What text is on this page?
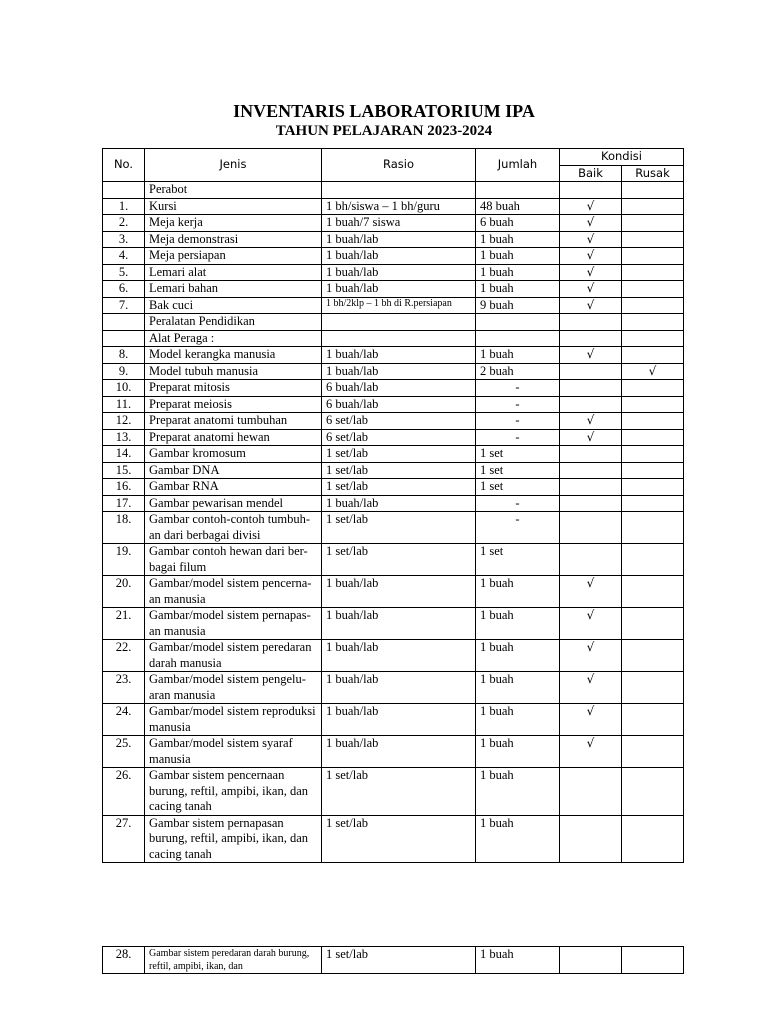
INVENTARIS LABORATORIUM IPA
TAHUN PELAJARAN 2023-2024
No.	Jenis	Rasio	Jumlah	Kondisi	
				Baik	Rusak
	Perabot				
1.	Kursi	1 bh/siswa – 1 bh/guru	48 buah	√	
2.	Meja kerja	1 buah/7 siswa	6 buah	√	
3.	Meja demonstrasi	1 buah/lab	1 buah	√	
4.	Meja persiapan	1 buah/lab	1 buah	√	
5.	Lemari alat	1 buah/lab	1 buah	√	
6.	Lemari bahan	1 buah/lab	1 buah	√	
7.	Bak cuci	1 bh/2klp – 1 bh di R.persiapan	9 buah	√	
	Peralatan Pendidikan				
	Alat Peraga :				
8.	Model kerangka manusia	1 buah/lab	1 buah	√	
9.	Model tubuh manusia	1 buah/lab	2 buah		√
10.	Preparat mitosis	6 buah/lab	-		
11.	Preparat meiosis	6 buah/lab	-		
12.	Preparat anatomi tumbuhan	6 set/lab	-	√	
13.	Preparat anatomi hewan	6 set/lab	-	√	
14.	Gambar kromosum	1 set/lab	1 set		
15.	Gambar DNA	1 set/lab	1 set		
16.	Gambar RNA	1 set/lab	1 set		
17.	Gambar pewarisan mendel	1 buah/lab	-		
18.	Gambar contoh-contoh tumbuh-an dari berbagai divisi	1 set/lab	-		
19.	Gambar contoh hewan dari ber-bagai filum	1 set/lab	1 set		
20.	Gambar/model sistem pencerna-an manusia	1 buah/lab	1 buah	√	
21.	Gambar/model sistem pernapas-an manusia	1 buah/lab	1 buah	√	
22.	Gambar/model sistem peredaran darah manusia	1 buah/lab	1 buah	√	
23.	Gambar/model sistem pengelu-aran manusia	1 buah/lab	1 buah	√	
24.	Gambar/model sistem reproduksi manusia	1 buah/lab	1 buah	√	
25.	Gambar/model sistem syaraf manusia	1 buah/lab	1 buah	√	
26.	Gambar sistem pencernaan burung, reftil, ampibi, ikan, dan cacing tanah	1 set/lab	1 buah		
27.	Gambar sistem pernapasan burung, reftil, ampibi, ikan, dan cacing tanah	1 set/lab	1 buah		
28.	Gambar sistem peredaran darah burung, reftil, ampibi, ikan, dan	1 set/lab	1 buah		
